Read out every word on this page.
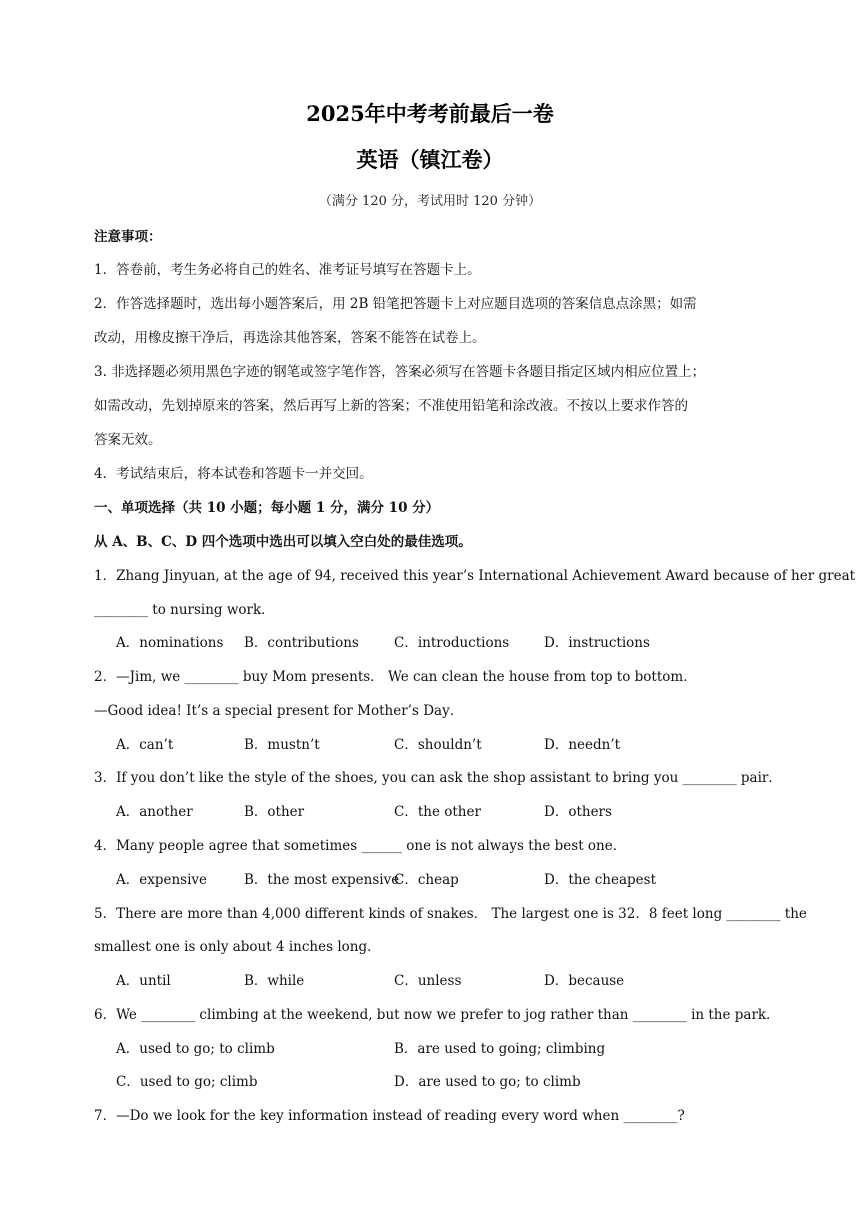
2025年中考考前最后一卷
英语（镇江卷）
（满分 120 分，考试用时 120 分钟）
注意事项：
1．答卷前，考生务必将自己的姓名、准考证号填写在答题卡上。
2．作答选择题时，选出每小题答案后，用 2B 铅笔把答题卡上对应题目选项的答案信息点涂黑；如需
改动，用橡皮擦干净后，再选涂其他答案，答案不能答在试卷上。
3. 非选择题必须用黑色字迹的钢笔或签字笔作答，答案必须写在答题卡各题目指定区域内相应位置上；
如需改动，先划掉原来的答案，然后再写上新的答案；不准使用铅笔和涂改液。不按以上要求作答的
答案无效。
4．考试结束后，将本试卷和答题卡一并交回。
一、单项选择（共 10 小题；每小题 1 分，满分 10 分）
从 A、B、C、D 四个选项中选出可以填入空白处的最佳选项。
1．Zhang Jinyuan, at the age of 94, received this year’s International Achievement Award because of her great
________ to nursing work．
A．nominations B．contributions	C．introductions	D．instructions
2．—Jim, we ________ buy Mom presents． We can clean the house from top to bottom．
—Good idea! It’s a special present for Mother’s Day．
A．can’t	B．mustn’t	C．shouldn’t	D．needn’t
3．If you don’t like the style of the shoes, you can ask the shop assistant to bring you ________ pair．
A．another	B．other	C．the other	D．others
4．Many people agree that sometimes ______ one is not always the best one．
A．expensive	B．the most expensive
C．cheap	D．the cheapest
5．There are more than 4,000 different kinds of snakes． The largest one is 32．8 feet long ________ the
smallest one is only about 4 inches long．
A．until	B．while	C．unless	D．because
6．We ________ climbing at the weekend, but now we prefer to jog rather than ________ in the park．
A．used to go; to climb	B．are used to going; climbing
C．used to go; climb	D．are used to go; to climb
7．—Do we look for the key information instead of reading every word when ________?
